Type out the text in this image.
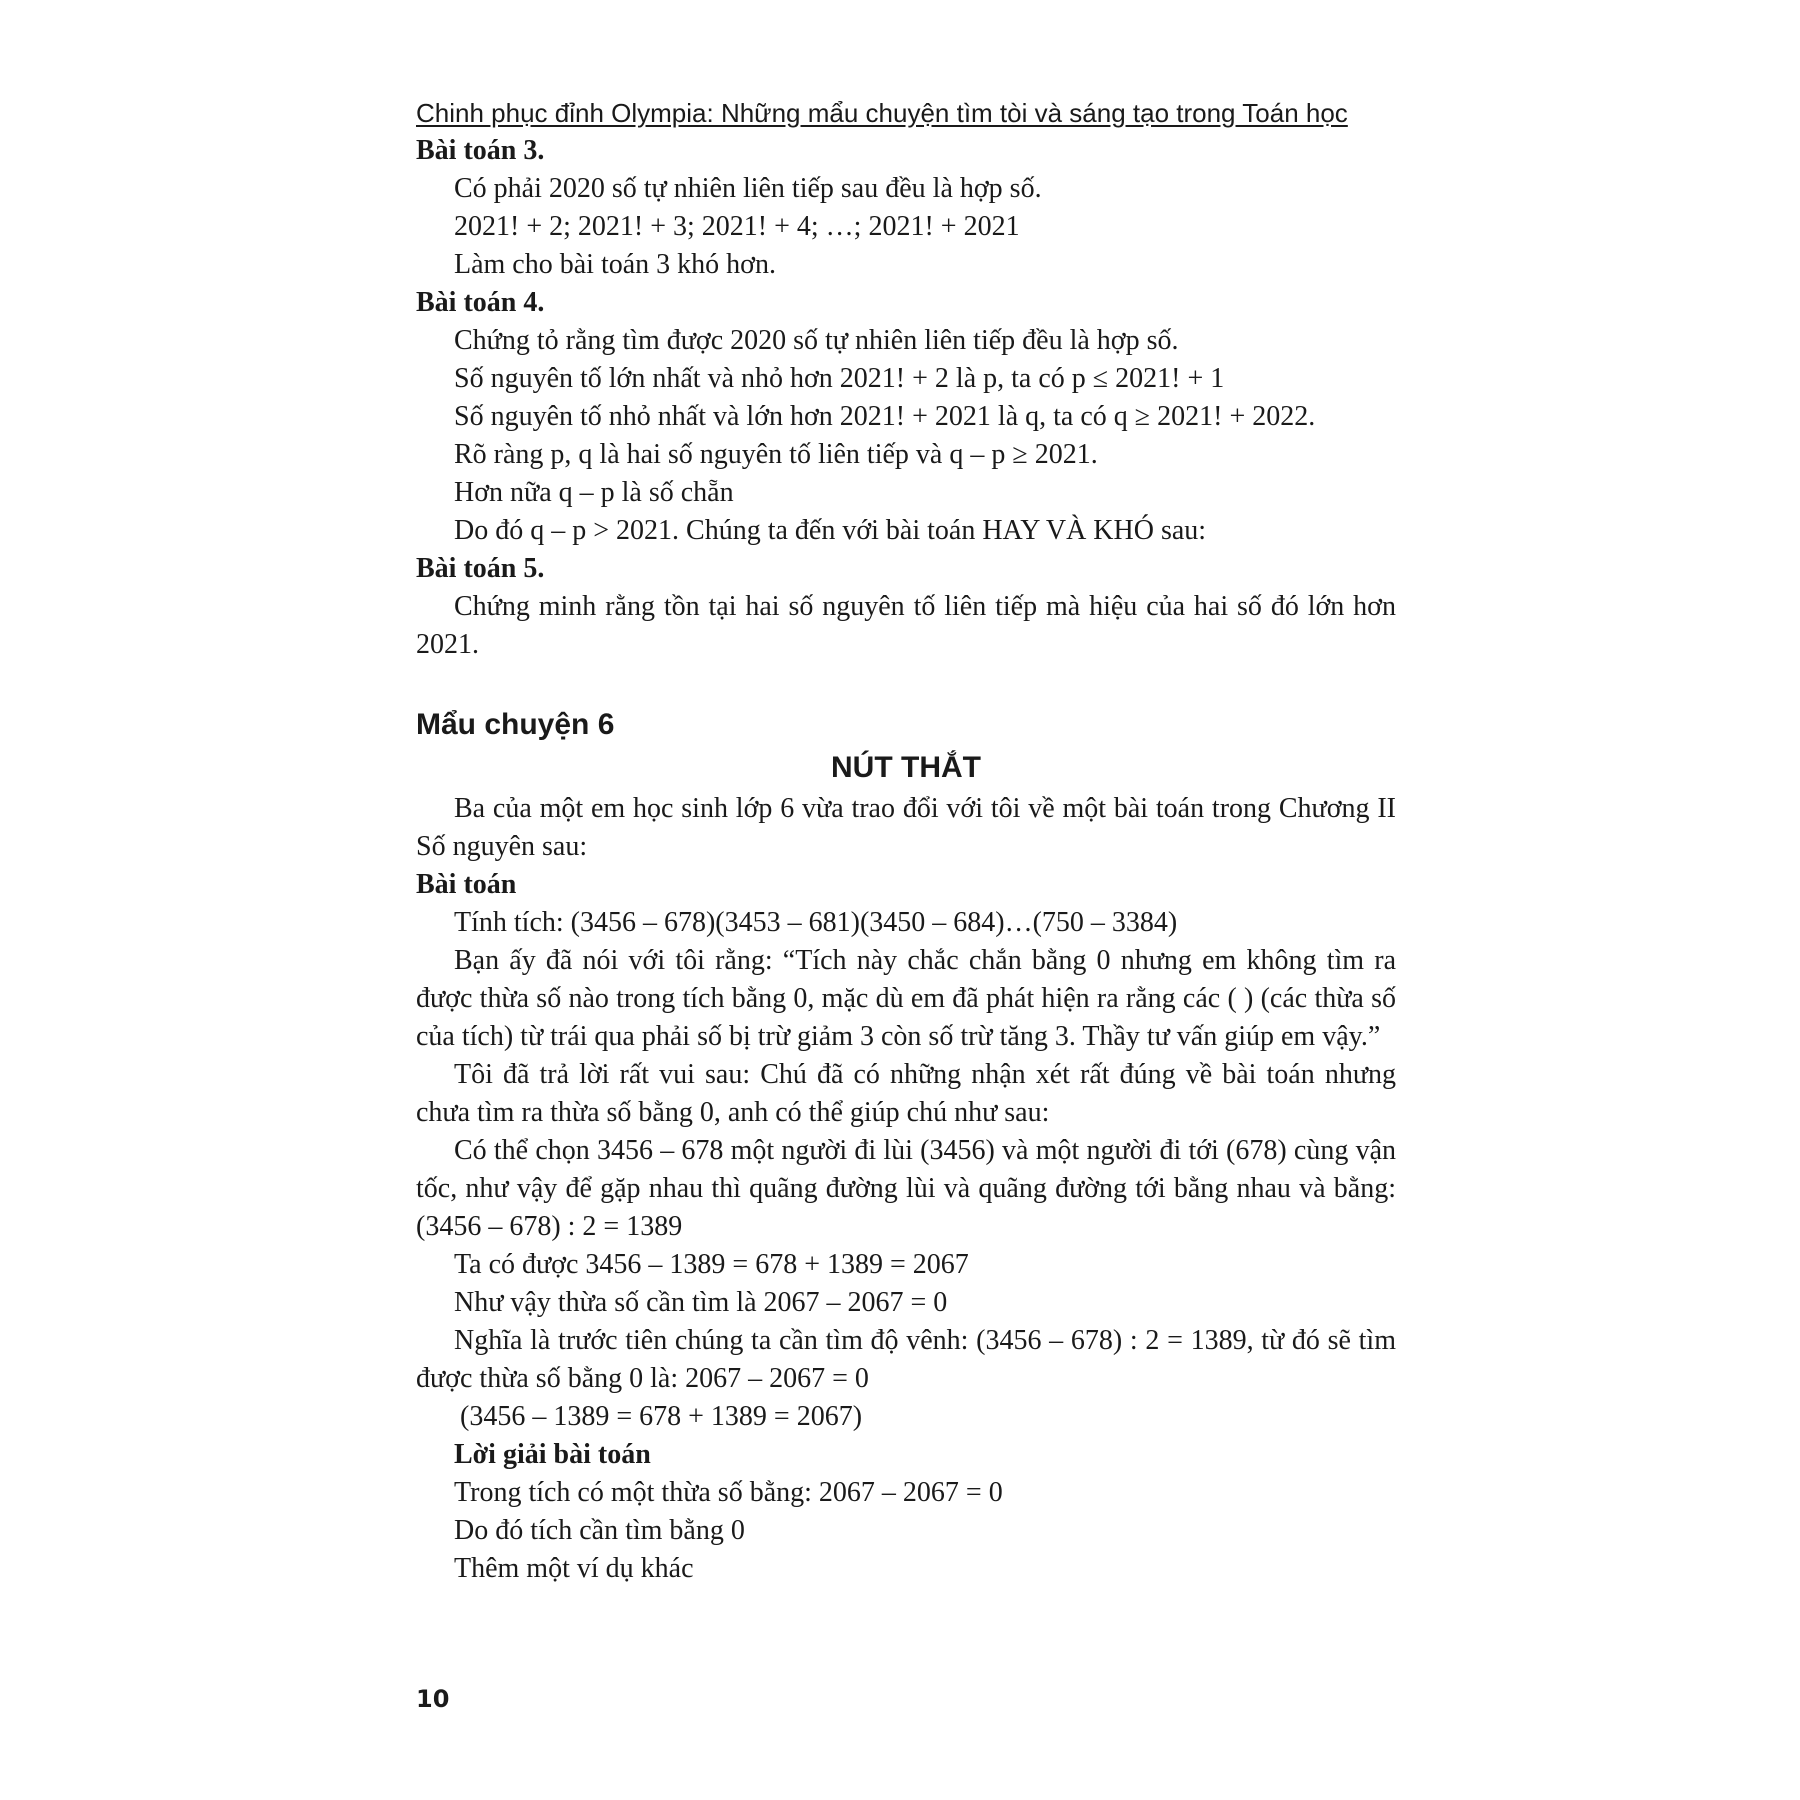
Chinh phục đỉnh Olympia: Những mẩu chuyện tìm tòi và sáng tạo trong Toán học

Bài toán 3.

Có phải 2020 số tự nhiên liên tiếp sau đều là hợp số.

2021! + 2; 2021! + 3; 2021! + 4; …; 2021! + 2021

Làm cho bài toán 3 khó hơn.

Bài toán 4.

Chứng tỏ rằng tìm được 2020 số tự nhiên liên tiếp đều là hợp số.

Số nguyên tố lớn nhất và nhỏ hơn 2021! + 2 là p, ta có p ≤ 2021! + 1

Số nguyên tố nhỏ nhất và lớn hơn 2021! + 2021 là q, ta có q ≥ 2021! + 2022.

Rõ ràng p, q là hai số nguyên tố liên tiếp và q – p ≥ 2021.

Hơn nữa q – p là số chẵn

Do đó q – p > 2021. Chúng ta đến với bài toán HAY VÀ KHÓ sau:

Bài toán 5.

Chứng minh rằng tồn tại hai số nguyên tố liên tiếp mà hiệu của hai số đó lớn hơn 2021.

Mẩu chuyện 6
NÚT THẮT

Ba của một em học sinh lớp 6 vừa trao đổi với tôi về một bài toán trong Chương II Số nguyên sau:

Bài toán

Tính tích: (3456 – 678)(3453 – 681)(3450 – 684)…(750 – 3384)

Bạn ấy đã nói với tôi rằng: “Tích này chắc chắn bằng 0 nhưng em không tìm ra được thừa số nào trong tích bằng 0, mặc dù em đã phát hiện ra rằng các ( ) (các thừa số của tích) từ trái qua phải số bị trừ giảm 3 còn số trừ tăng 3. Thầy tư vấn giúp em vậy.”

Tôi đã trả lời rất vui sau: Chú đã có những nhận xét rất đúng về bài toán nhưng chưa tìm ra thừa số bằng 0, anh có thể giúp chú như sau:

Có thể chọn 3456 – 678 một người đi lùi (3456) và một người đi tới (678) cùng vận tốc, như vậy để gặp nhau thì quãng đường lùi và quãng đường tới bằng nhau và bằng: (3456 – 678) : 2 = 1389

Ta có được 3456 – 1389 = 678 + 1389 = 2067

Như vậy thừa số cần tìm là 2067 – 2067 = 0

Nghĩa là trước tiên chúng ta cần tìm độ vênh: (3456 – 678) : 2 = 1389, từ đó sẽ tìm được thừa số bằng 0 là: 2067 – 2067 = 0

(3456 – 1389 = 678 + 1389 = 2067)

Lời giải bài toán

Trong tích có một thừa số bằng: 2067 – 2067 = 0

Do đó tích cần tìm bằng 0

Thêm một ví dụ khác

10
